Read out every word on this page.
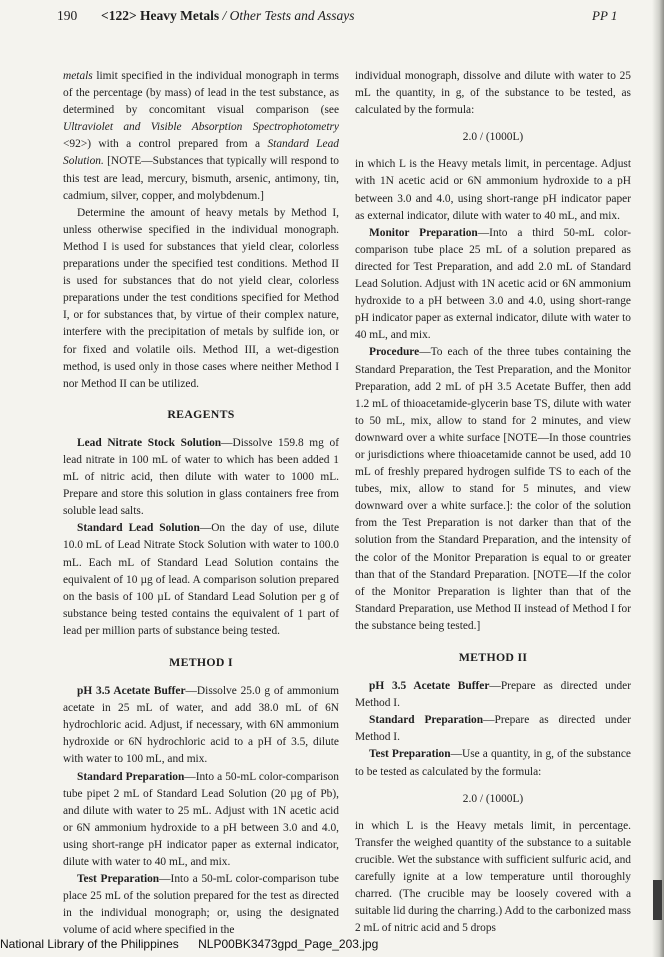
190 <122> Heavy Metals / Other Tests and Assays	PP 1

metals limit specified in the individual monograph in terms of the percentage (by mass) of lead in the test substance, as determined by concomitant visual comparison (see Ultraviolet and Visible Absorption Spectrophotometry <92>) with a control prepared from a Standard Lead Solution. [NOTE—Substances that typically will respond to this test are lead, mercury, bismuth, arsenic, antimony, tin, cadmium, silver, copper, and molybdenum.]

Determine the amount of heavy metals by Method I, unless otherwise specified in the individual monograph. Method I is used for substances that yield clear, colorless preparations under the specified test conditions. Method II is used for substances that do not yield clear, colorless preparations under the test conditions specified for Method I, or for substances that, by virtue of their complex nature, interfere with the precipitation of metals by sulfide ion, or for fixed and volatile oils. Method III, a wet-digestion method, is used only in those cases where neither Method I nor Method II can be utilized.

REAGENTS

Lead Nitrate Stock Solution—Dissolve 159.8 mg of lead nitrate in 100 mL of water to which has been added 1 mL of nitric acid, then dilute with water to 1000 mL. Prepare and store this solution in glass containers free from soluble lead salts.

Standard Lead Solution—On the day of use, dilute 10.0 mL of Lead Nitrate Stock Solution with water to 100.0 mL. Each mL of Standard Lead Solution contains the equivalent of 10 µg of lead. A comparison solution prepared on the basis of 100 µL of Standard Lead Solution per g of substance being tested contains the equivalent of 1 part of lead per million parts of substance being tested.

METHOD I

pH 3.5 Acetate Buffer—Dissolve 25.0 g of ammonium acetate in 25 mL of water, and add 38.0 mL of 6N hydrochloric acid. Adjust, if necessary, with 6N ammonium hydroxide or 6N hydrochloric acid to a pH of 3.5, dilute with water to 100 mL, and mix.

Standard Preparation—Into a 50-mL color-comparison tube pipet 2 mL of Standard Lead Solution (20 µg of Pb), and dilute with water to 25 mL. Adjust with 1N acetic acid or 6N ammonium hydroxide to a pH between 3.0 and 4.0, using short-range pH indicator paper as external indicator, dilute with water to 40 mL, and mix.

Test Preparation—Into a 50-mL color-comparison tube place 25 mL of the solution prepared for the test as directed in the individual monograph; or, using the designated volume of acid where specified in the

individual monograph, dissolve and dilute with water to 25 mL the quantity, in g, of the substance to be tested, as calculated by the formula:

2.0 / (1000L)

in which L is the Heavy metals limit, in percentage. Adjust with 1N acetic acid or 6N ammonium hydroxide to a pH between 3.0 and 4.0, using short-range pH indicator paper as external indicator, dilute with water to 40 mL, and mix.

Monitor Preparation—Into a third 50-mL color-comparison tube place 25 mL of a solution prepared as directed for Test Preparation, and add 2.0 mL of Standard Lead Solution. Adjust with 1N acetic acid or 6N ammonium hydroxide to a pH between 3.0 and 4.0, using short-range pH indicator paper as external indicator, dilute with water to 40 mL, and mix.

Procedure—To each of the three tubes containing the Standard Preparation, the Test Preparation, and the Monitor Preparation, add 2 mL of pH 3.5 Acetate Buffer, then add 1.2 mL of thioacetamide-glycerin base TS, dilute with water to 50 mL, mix, allow to stand for 2 minutes, and view downward over a white surface [NOTE—In those countries or jurisdictions where thioacetamide cannot be used, add 10 mL of freshly prepared hydrogen sulfide TS to each of the tubes, mix, allow to stand for 5 minutes, and view downward over a white surface.]: the color of the solution from the Test Preparation is not darker than that of the solution from the Standard Preparation, and the intensity of the color of the Monitor Preparation is equal to or greater than that of the Standard Preparation. [NOTE—If the color of the Monitor Preparation is lighter than that of the Standard Preparation, use Method II instead of Method I for the substance being tested.]

METHOD II

pH 3.5 Acetate Buffer—Prepare as directed under Method I.

Standard Preparation—Prepare as directed under Method I.

Test Preparation—Use a quantity, in g, of the substance to be tested as calculated by the formula:

2.0 / (1000L)

in which L is the Heavy metals limit, in percentage. Transfer the weighed quantity of the substance to a suitable crucible. Wet the substance with sufficient sulfuric acid, and carefully ignite at a low temperature until thoroughly charred. (The crucible may be loosely covered with a suitable lid during the charring.) Add to the carbonized mass 2 mL of nitric acid and 5 drops

National Library of the Philippines NLP00BK3473gpd_Page_203.jpg
